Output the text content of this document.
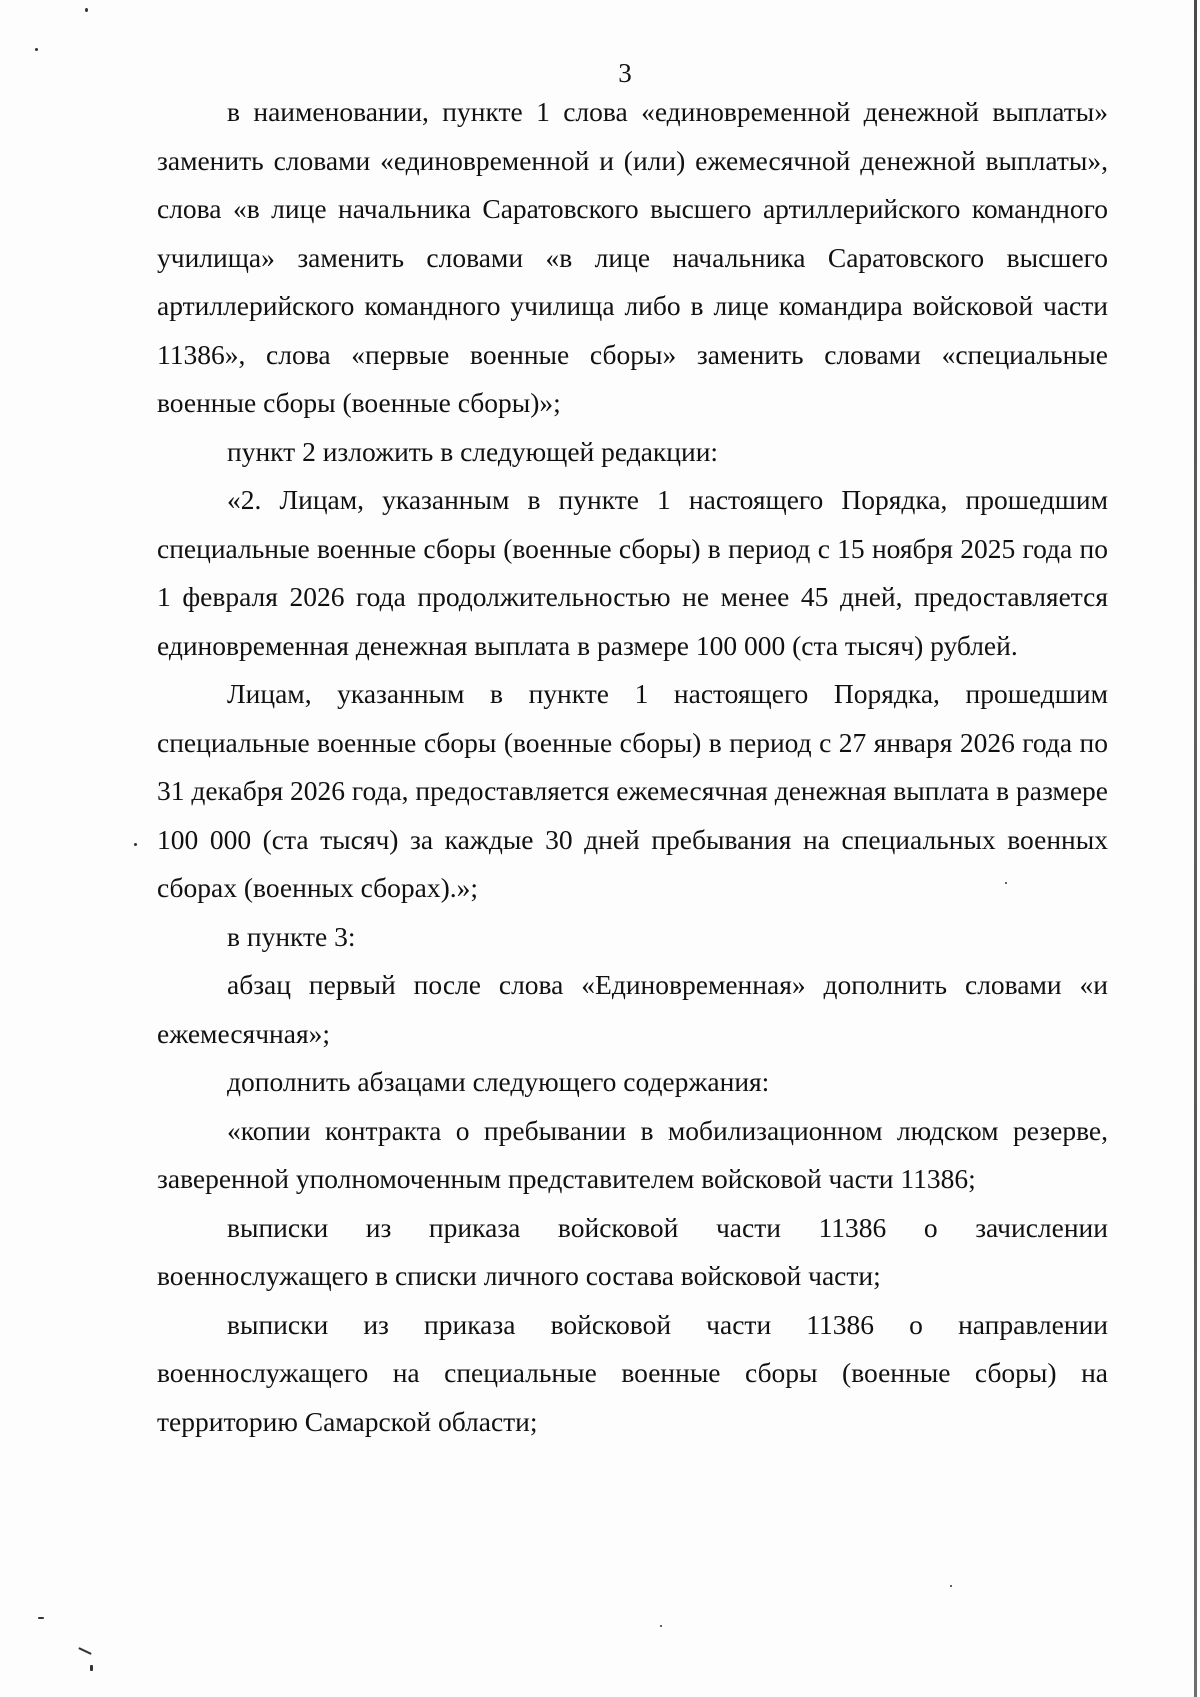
3

в наименовании, пункте 1 слова «единовременной денежной выплаты» заменить словами «единовременной и (или) ежемесячной денежной выплаты», слова «в лице начальника Саратовского высшего артиллерийского командного училища» заменить словами «в лице начальника Саратовского высшего артиллерийского командного училища либо в лице командира войсковой части 11386», слова «первые военные сборы» заменить словами «специальные военные сборы (военные сборы)»;

пункт 2 изложить в следующей редакции:

«2. Лицам, указанным в пункте 1 настоящего Порядка, прошедшим специальные военные сборы (военные сборы) в период с 15 ноября 2025 года по 1 февраля 2026 года продолжительностью не менее 45 дней, предоставляется единовременная денежная выплата в размере 100 000 (ста тысяч) рублей.

Лицам, указанным в пункте 1 настоящего Порядка, прошедшим специальные военные сборы (военные сборы) в период с 27 января 2026 года по 31 декабря 2026 года, предоставляется ежемесячная денежная выплата в размере 100 000 (ста тысяч) за каждые 30 дней пребывания на специальных военных сборах (военных сборах).»;

в пункте 3:

абзац первый после слова «Единовременная» дополнить словами «и ежемесячная»;

дополнить абзацами следующего содержания:

«копии контракта о пребывании в мобилизационном людском резерве, заверенной уполномоченным представителем войсковой части 11386;

выписки из приказа войсковой части 11386 о зачислении военнослужащего в списки личного состава войсковой части;

выписки из приказа войсковой части 11386 о направлении военнослужащего на специальные военные сборы (военные сборы) на территорию Самарской области;
